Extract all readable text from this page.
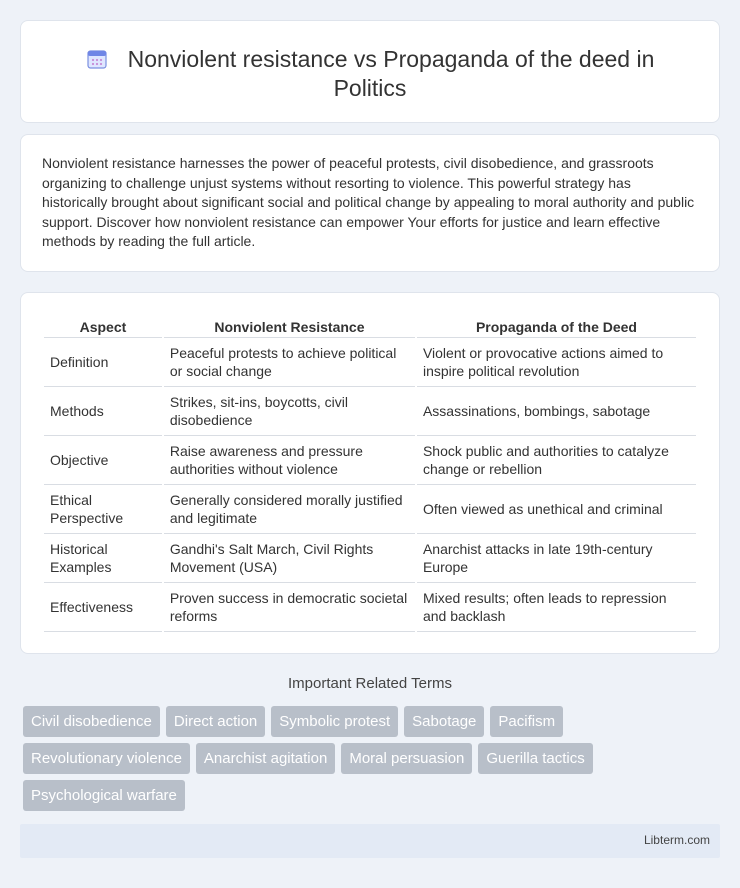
Nonviolent resistance vs Propaganda of the deed in Politics

Nonviolent resistance harnesses the power of peaceful protests, civil disobedience, and grassroots organizing to challenge unjust systems without resorting to violence. This powerful strategy has historically brought about significant social and political change by appealing to moral authority and public support. Discover how nonviolent resistance can empower Your efforts for justice and learn effective methods by reading the full article.

Aspect	Nonviolent Resistance	Propaganda of the Deed
Definition	Peaceful protests to achieve political or social change	Violent or provocative actions aimed to inspire political revolution
Methods	Strikes, sit-ins, boycotts, civil disobedience	Assassinations, bombings, sabotage
Objective	Raise awareness and pressure authorities without violence	Shock public and authorities to catalyze change or rebellion
Ethical Perspective	Generally considered morally justified and legitimate	Often viewed as unethical and criminal
Historical Examples	Gandhi's Salt March, Civil Rights Movement (USA)	Anarchist attacks in late 19th-century Europe
Effectiveness	Proven success in democratic societal reforms	Mixed results; often leads to repression and backlash
Important Related Terms
Civil disobedience	Direct action	Symbolic protest	Sabotage	Pacifism
Revolutionary violence	Anarchist agitation	Moral persuasion	Guerilla tactics
Psychological warfare
Libterm.com
